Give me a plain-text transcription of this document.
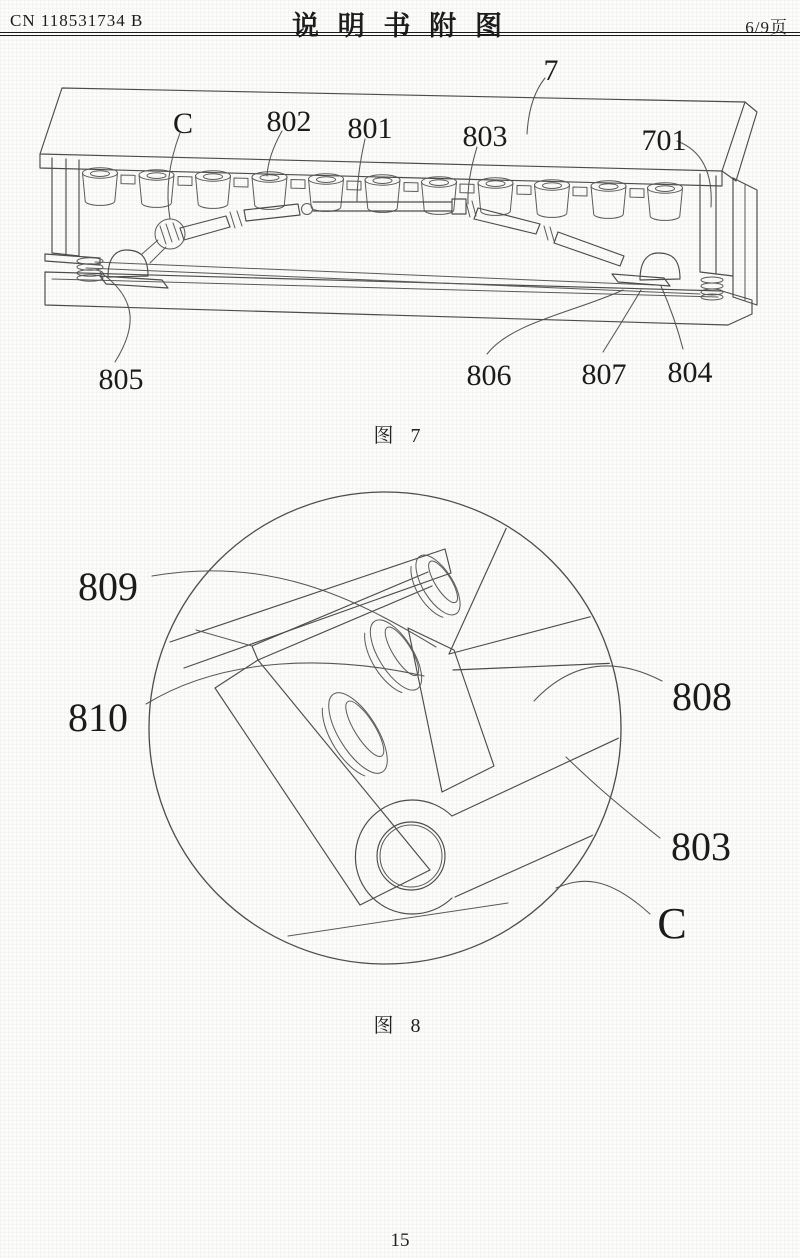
CN 118531734 B	说 明 书 附 图	6/9页
7
C 802 801 803	701
805	806 807 804
图 7
809
810	808
803
C
图 8
15
